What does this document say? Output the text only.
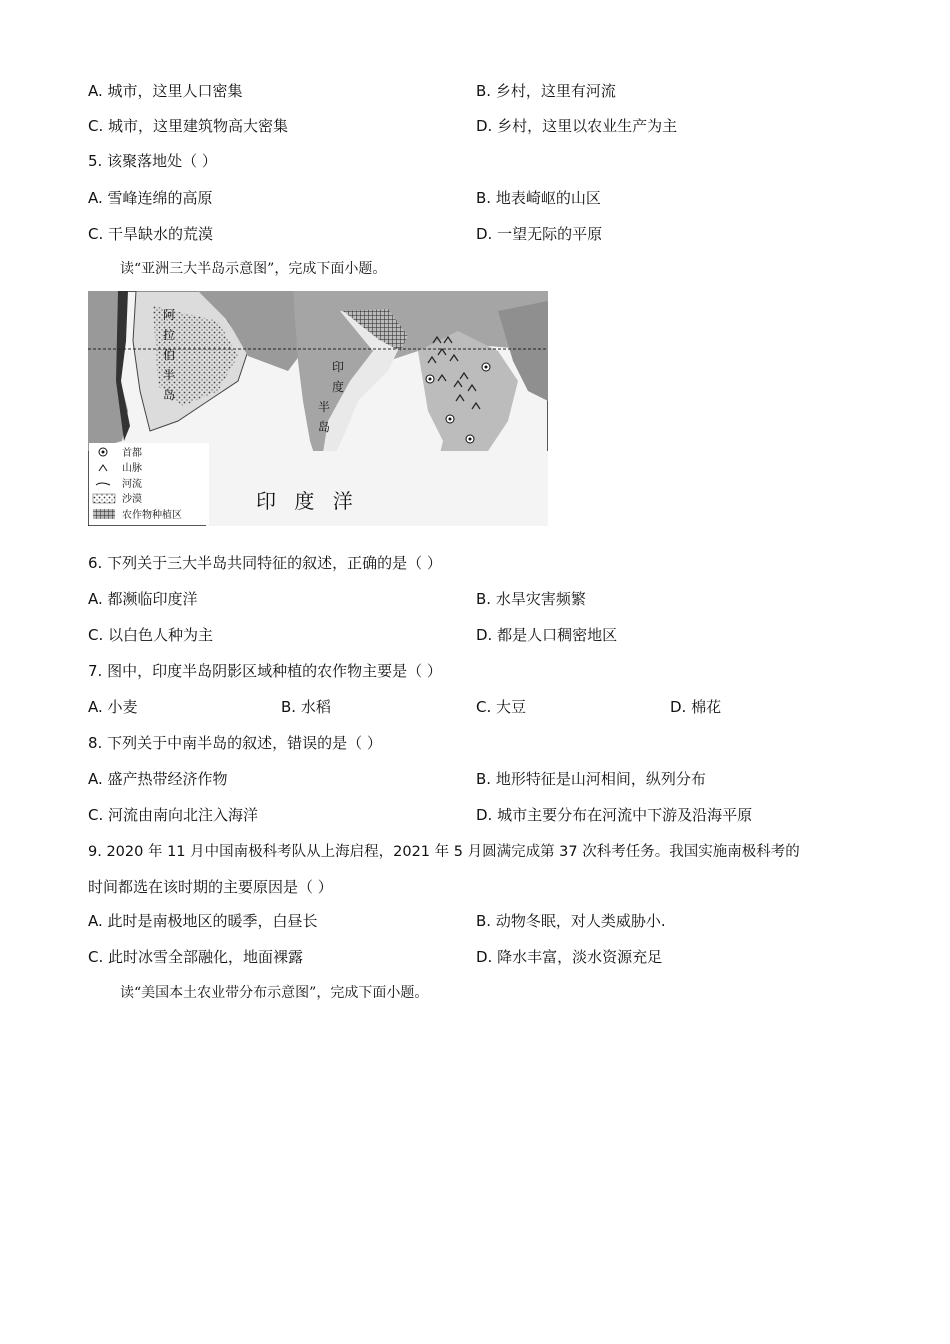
A. 城市，这里人口密集	B. 乡村，这里有河流
C. 城市，这里建筑物高大密集	D. 乡村，这里以农业生产为主
5. 该聚落地处（ ）
A. 雪峰连绵的高原	B. 地表崎岖的山区
C. 干旱缺水的荒漠	D. 一望无际的平原
读“亚洲三大半岛示意图”，完成下面小题。
阿
拉
伯
半
岛
印
度
半
岛
印 度 洋
首都
山脉
河流
沙漠
农作物种植区
6. 下列关于三大半岛共同特征的叙述，正确的是（ ）
A. 都濒临印度洋	B. 水旱灾害频繁
C. 以白色人种为主	D. 都是人口稠密地区
7. 图中，印度半岛阴影区域种植的农作物主要是（ ）
A. 小麦	B. 水稻	C. 大豆	D. 棉花
8. 下列关于中南半岛的叙述，错误的是（ ）
A. 盛产热带经济作物	B. 地形特征是山河相间，纵列分布
C. 河流由南向北注入海洋	D. 城市主要分布在河流中下游及沿海平原
9. 2020 年 11 月中国南极科考队从上海启程，2021 年 5 月圆满完成第 37 次科考任务。我国实施南极科考的
时间都选在该时期的主要原因是（ ）
A. 此时是南极地区的暖季，白昼长	B. 动物冬眠，对人类威胁小.
C. 此时冰雪全部融化，地面裸露	D. 降水丰富，淡水资源充足
读“美国本土农业带分布示意图”，完成下面小题。
